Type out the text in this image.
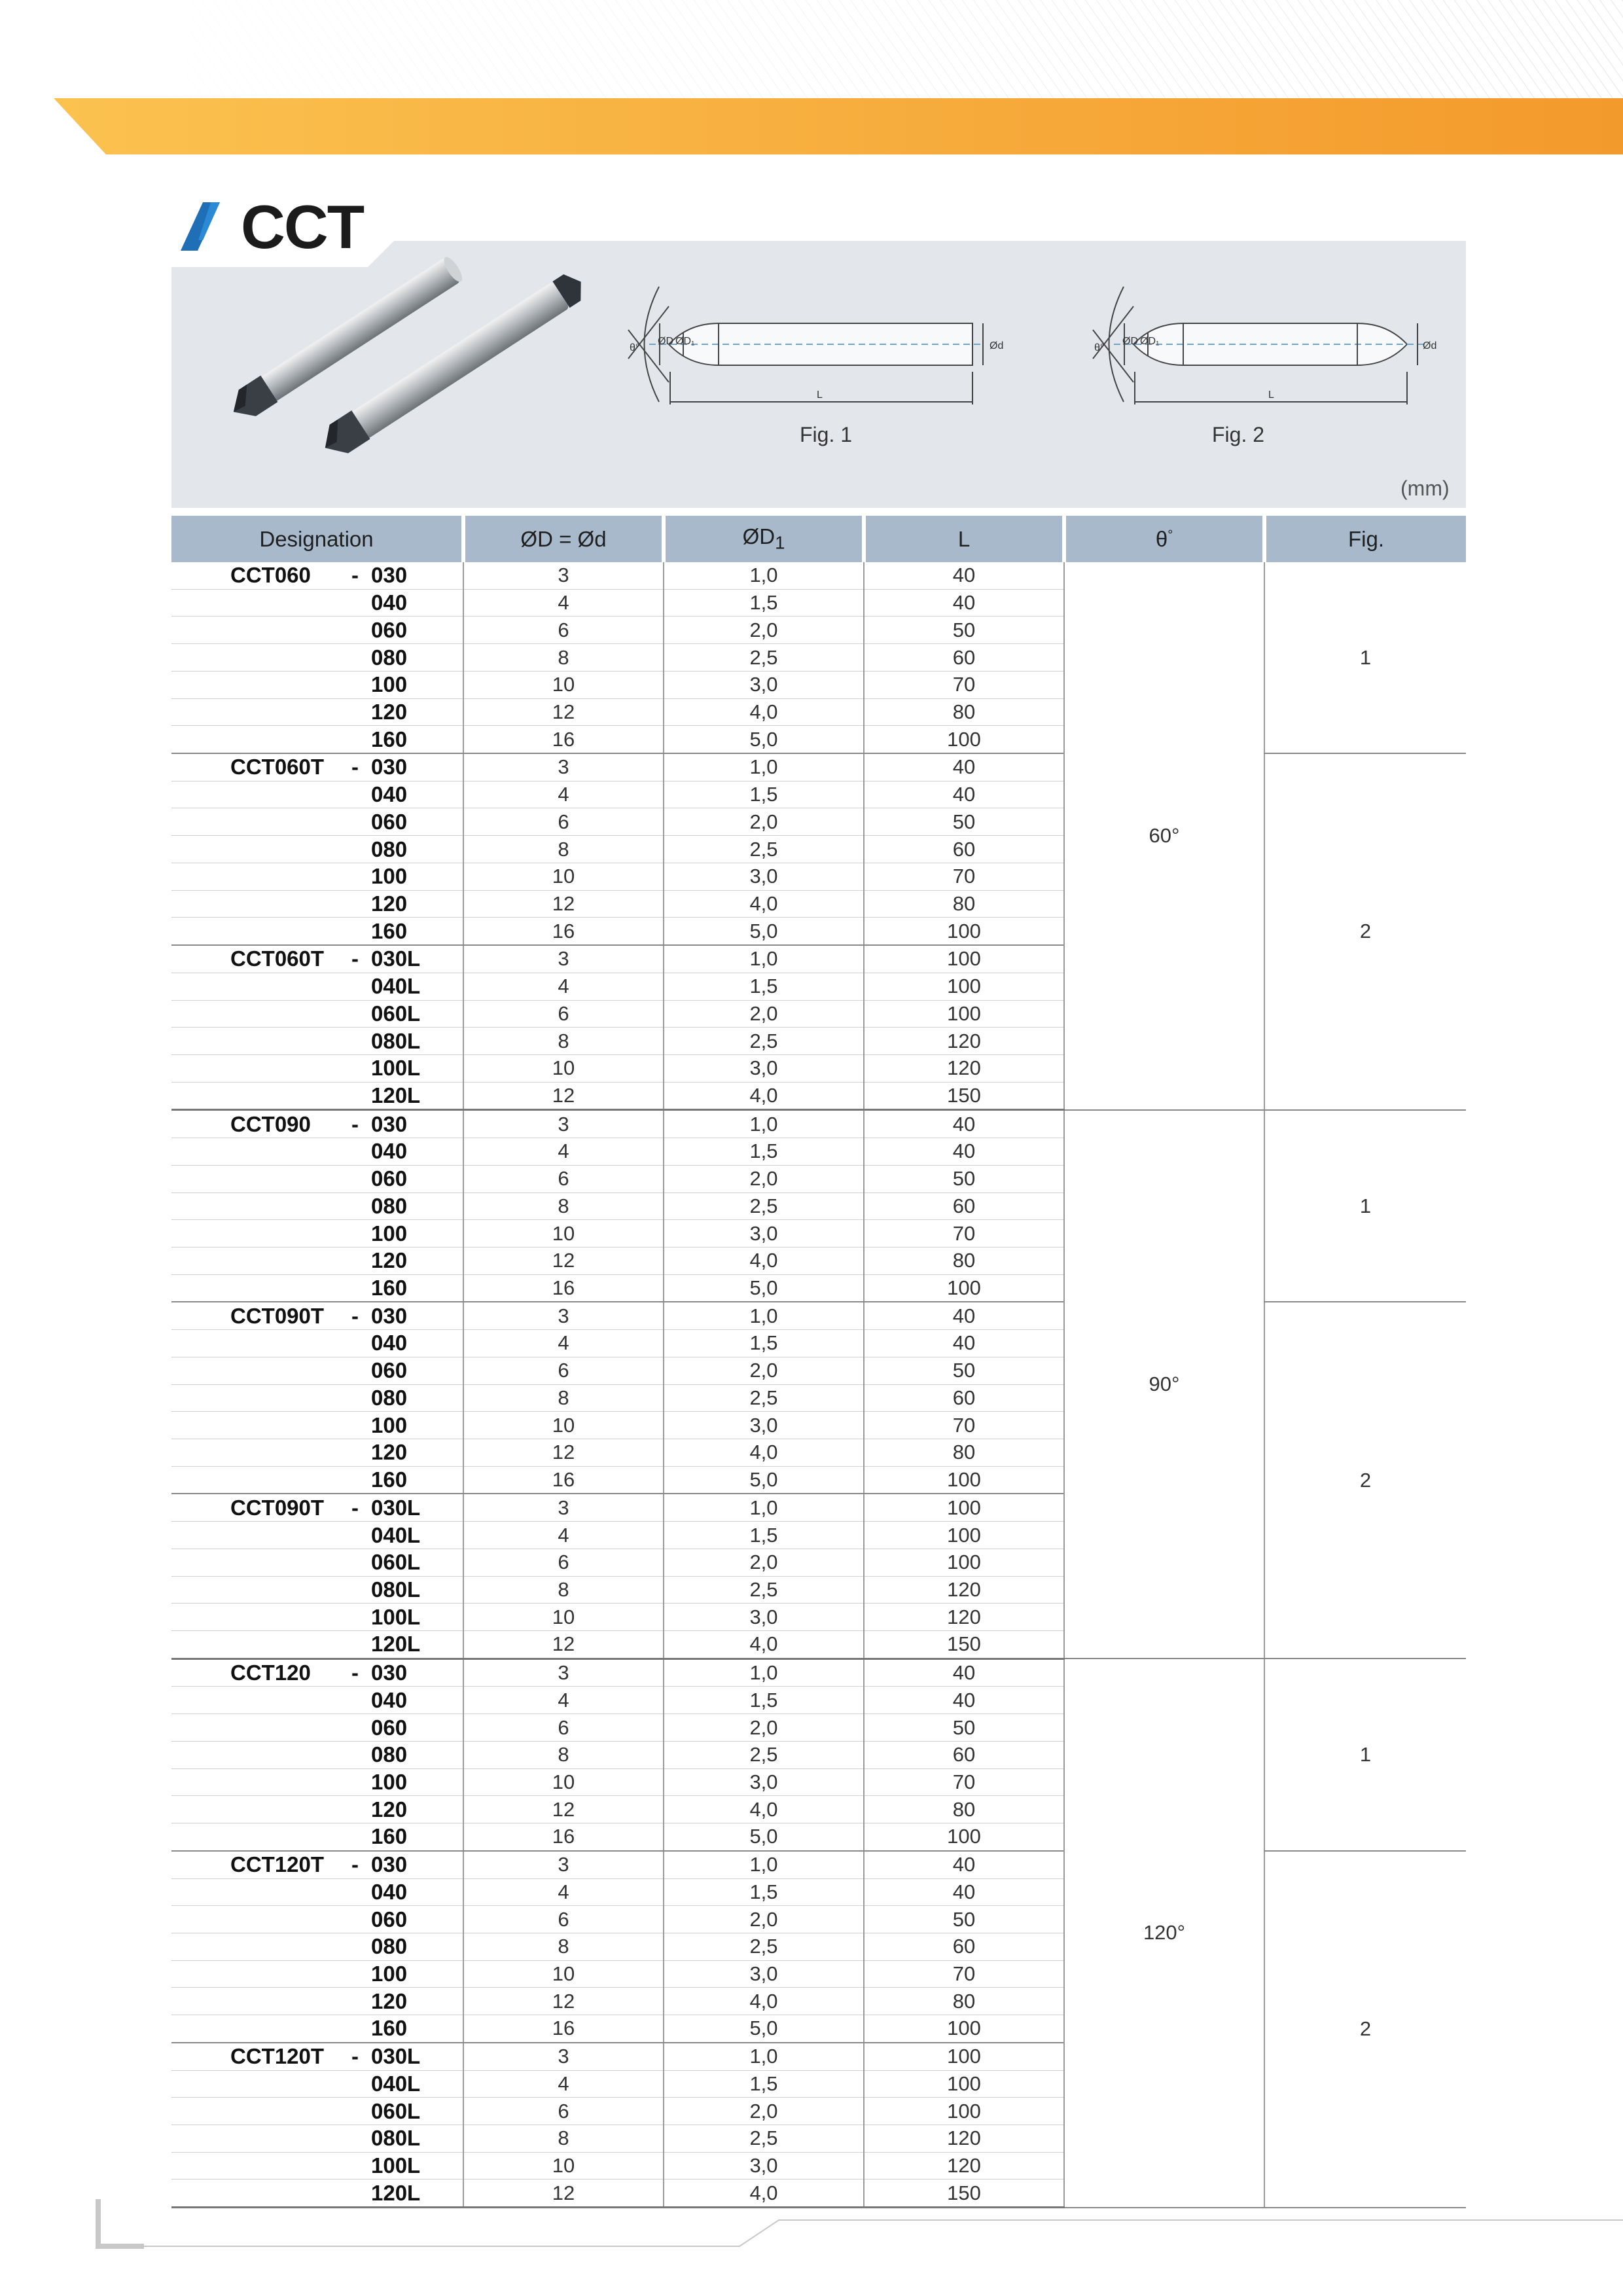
CCT
θ°
ØD ØD₁	Ød
L
θ°
ØD ØD₁	Ød
L
Fig. 1	Fig. 2
(mm)
Designation	ØD = Ød	$ØD_1$	L	θ°	Fig.
CCT060 - 030	3	1,0	40	60°	1
040	4	1,5	40		
060	6	2,0	50		
080	8	2,5	60		
100	10	3,0	70		
120	12	4,0	80		
160	16	5,0	100		
CCT060T - 030	3	1,0	40		2
040	4	1,5	40		
060	6	2,0	50		
080	8	2,5	60		
100	10	3,0	70		
120	12	4,0	80		
160	16	5,0	100		
CCT060T - 030L	3	1,0	100		
040L	4	1,5	100		
060L	6	2,0	100		
080L	8	2,5	120		
100L	10	3,0	120		
120L	12	4,0	150		
CCT090 - 030	3	1,0	40	90°	1
040	4	1,5	40		
060	6	2,0	50		
080	8	2,5	60		
100	10	3,0	70		
120	12	4,0	80		
160	16	5,0	100		
CCT090T - 030	3	1,0	40		2
040	4	1,5	40		
060	6	2,0	50		
080	8	2,5	60		
100	10	3,0	70		
120	12	4,0	80		
160	16	5,0	100		
CCT090T - 030L	3	1,0	100		
040L	4	1,5	100		
060L	6	2,0	100		
080L	8	2,5	120		
100L	10	3,0	120		
120L	12	4,0	150		
CCT120 - 030	3	1,0	40	120°	1
040	4	1,5	40		
060	6	2,0	50		
080	8	2,5	60		
100	10	3,0	70		
120	12	4,0	80		
160	16	5,0	100		
CCT120T - 030	3	1,0	40		2
040	4	1,5	40		
060	6	2,0	50		
080	8	2,5	60		
100	10	3,0	70		
120	12	4,0	80		
160	16	5,0	100		
CCT120T - 030L	3	1,0	100		
040L	4	1,5	100		
060L	6	2,0	100		
080L	8	2,5	120		
100L	10	3,0	120		
120L	12	4,0	150		
